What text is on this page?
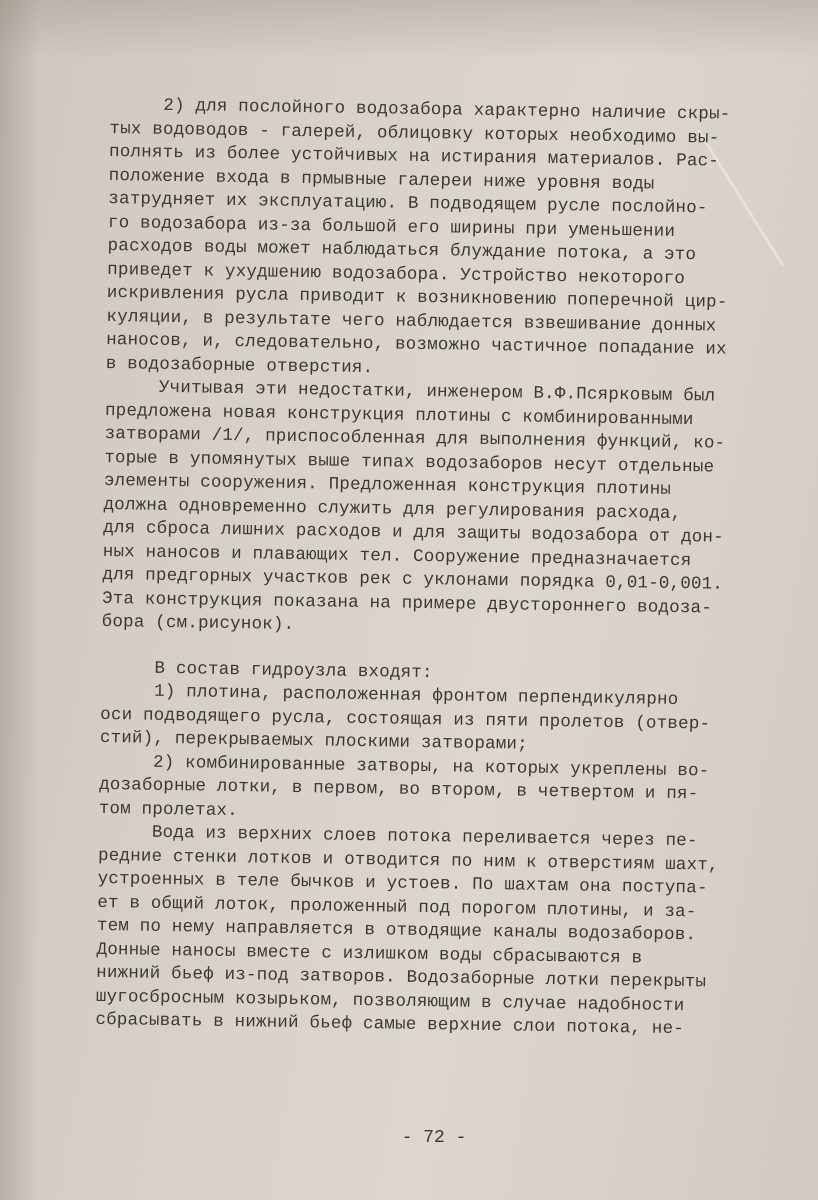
2) для послойного водозабора характерно наличие скры-
тых водоводов - галерей, облицовку которых необходимо вы-
полнять из более устойчивых на истирания материалов. Рас-
положение входа в прмывные галереи ниже уровня воды
затрудняет их эксплуатацию. В подводящем русле послойно-
го водозабора из-за большой его ширины при уменьшении
расходов воды может наблюдаться блуждание потока, а это
приведет к ухудшению водозабора. Устройство некоторого
искривления русла приводит к возникновению поперечной цир-
куляции, в результате чего наблюдается взвешивание донных
наносов, и, следовательно, возможно частичное попадание их
в водозаборные отверстия.
Учитывая эти недостатки, инженером В.Ф.Псярковым был
предложена новая конструкция плотины с комбинированными
затворами /1/, приспособленная для выполнения функций, ко-
торые в упомянутых выше типах водозаборов несут отдельные
элементы сооружения. Предложенная конструкция плотины
должна одновременно служить для регулирования расхода,
для сброса лишних расходов и для защиты водозабора от дон-
ных наносов и плавающих тел. Сооружение предназначается
для предгорных участков рек с уклонами порядка 0,01-0,001.
Эта конструкция показана на примере двустороннего водоза-
бора (см.рисунок).
В состав гидроузла входят:
1) плотина, расположенная фронтом перпендикулярно
оси подводящего русла, состоящая из пяти пролетов (отвер-
стий), перекрываемых плоскими затворами;
2) комбинированные затворы, на которых укреплены во-
дозаборные лотки, в первом, во втором, в четвертом и пя-
том пролетах.
Вода из верхних слоев потока переливается через пе-
редние стенки лотков и отводится по ним к отверстиям шахт,
устроенных в теле бычков и устоев. По шахтам она поступа-
ет в общий лоток, проложенный под порогом плотины, и за-
тем по нему направляется в отводящие каналы водозаборов.
Донные наносы вместе с излишком воды сбрасываются в
нижний бьеф из-под затворов. Водозаборные лотки перекрыты
шугосбросным козырьком, позволяющим в случае надобности
сбрасывать в нижний бьеф самые верхние слои потока, не-
- 72 -
